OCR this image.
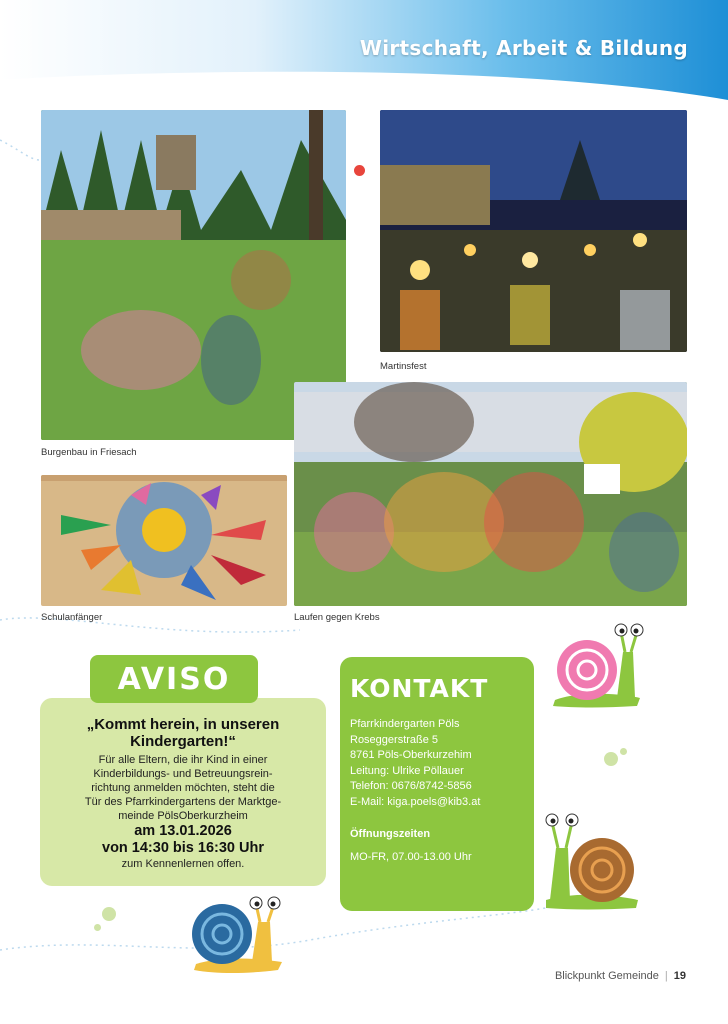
Wirtschaft, Arbeit & Bildung
Burgenbau in Friesach
Martinsfest
Laufen gegen Krebs
Schulanfänger
„Kommt herein, in unseren Kindergarten!“
Für alle Eltern, die ihr Kind in einer
Kinderbildungs- und Betreuungsrein-
richtung anmelden möchten, steht die
Tür des Pfarrkindergartens der Marktge-
meinde PölsOberkurzheim
am 13.01.2026
von 14:30 bis 16:30 Uhr
zum Kennenlernen offen.
AVISO	KONTAKT
Pfarrkindergarten Pöls
Roseggerstraße 5
8761 Pöls-Oberkurzehim
Leitung: Ulrike Pöllauer
Telefon: 0676/8742-5856
E-Mail: kiga.poels@kib3.at
Öffnungszeiten
MO-FR, 07.00-13.00 Uhr
Blickpunkt Gemeinde | 19
